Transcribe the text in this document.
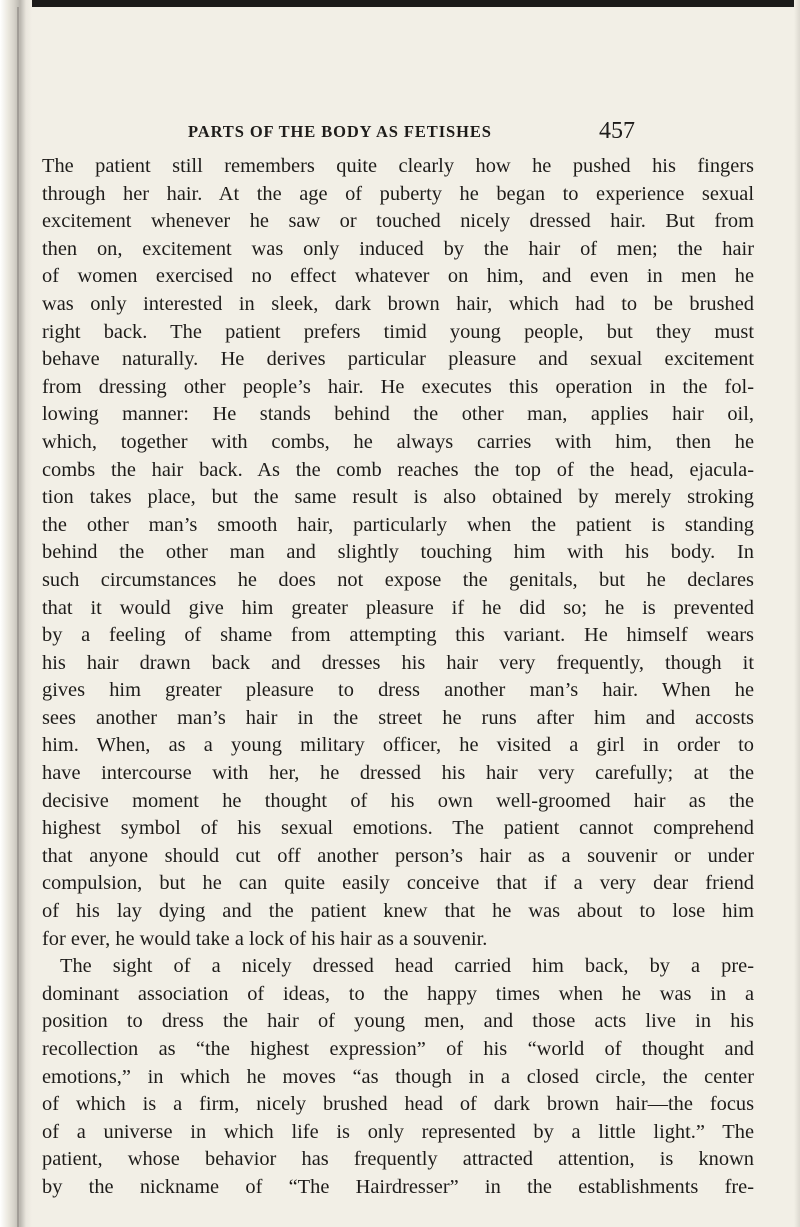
PARTS OF THE BODY AS FETISHES	457
The patient still remembers quite clearly how he pushed his fingers
through her hair. At the age of puberty he began to experience sexual
excitement whenever he saw or touched nicely dressed hair. But from
then on, excitement was only induced by the hair of men; the hair
of women exercised no effect whatever on him, and even in men he
was only interested in sleek, dark brown hair, which had to be brushed
right back. The patient prefers timid young people, but they must
behave naturally. He derives particular pleasure and sexual excitement
from dressing other people’s hair. He executes this operation in the fol-
lowing manner: He stands behind the other man, applies hair oil,
which, together with combs, he always carries with him, then he
combs the hair back. As the comb reaches the top of the head, ejacula-
tion takes place, but the same result is also obtained by merely stroking
the other man’s smooth hair, particularly when the patient is standing
behind the other man and slightly touching him with his body. In
such circumstances he does not expose the genitals, but he declares
that it would give him greater pleasure if he did so; he is prevented
by a feeling of shame from attempting this variant. He himself wears
his hair drawn back and dresses his hair very frequently, though it
gives him greater pleasure to dress another man’s hair. When he
sees another man’s hair in the street he runs after him and accosts
him. When, as a young military officer, he visited a girl in order to
have intercourse with her, he dressed his hair very carefully; at the
decisive moment he thought of his own well-groomed hair as the
highest symbol of his sexual emotions. The patient cannot comprehend
that anyone should cut off another person’s hair as a souvenir or under
compulsion, but he can quite easily conceive that if a very dear friend
of his lay dying and the patient knew that he was about to lose him
for ever, he would take a lock of his hair as a souvenir.
The sight of a nicely dressed head carried him back, by a pre-
dominant association of ideas, to the happy times when he was in a
position to dress the hair of young men, and those acts live in his
recollection as “the highest expression” of his “world of thought and
emotions,” in which he moves “as though in a closed circle, the center
of which is a firm, nicely brushed head of dark brown hair—the focus
of a universe in which life is only represented by a little light.” The
patient, whose behavior has frequently attracted attention, is known
by the nickname of “The Hairdresser” in the establishments fre-
